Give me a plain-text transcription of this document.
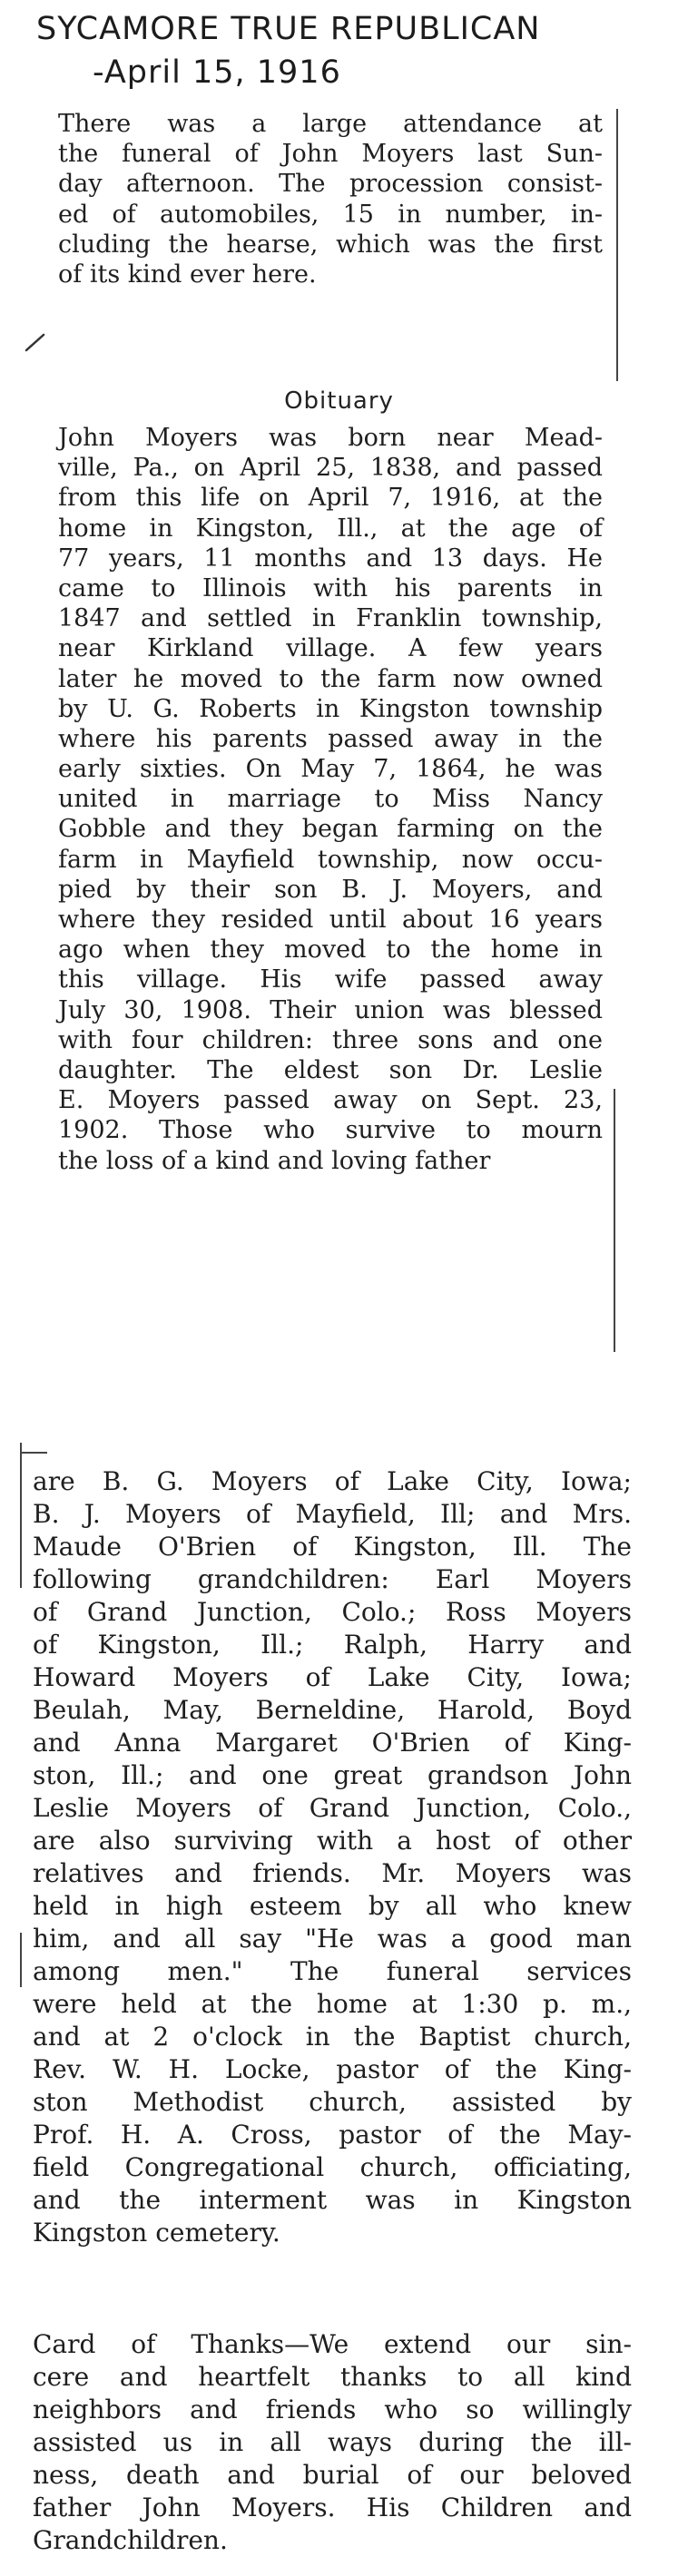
SYCAMORE TRUE REPUBLICAN
-April 15, 1916
There was a large attendance at
the funeral of John Moyers last Sun-
day afternoon. The procession consist-
ed of automobiles, 15 in number, in-
cluding the hearse, which was the first
of its kind ever here.
Obituary
John Moyers was born near Mead-
ville, Pa., on April 25, 1838, and passed
from this life on April 7, 1916, at the
home in Kingston, Ill., at the age of
77 years, 11 months and 13 days. He
came to Illinois with his parents in
1847 and settled in Franklin township,
near Kirkland village. A few years
later he moved to the farm now owned
by U. G. Roberts in Kingston township
where his parents passed away in the
early sixties. On May 7, 1864, he was
united in marriage to Miss Nancy
Gobble and they began farming on the
farm in Mayfield township, now occu-
pied by their son B. J. Moyers, and
where they resided until about 16 years
ago when they moved to the home in
this village. His wife passed away
July 30, 1908. Their union was blessed
with four children: three sons and one
daughter. The eldest son Dr. Leslie
E. Moyers passed away on Sept. 23,
1902. Those who survive to mourn
the loss of a kind and loving father
are B. G. Moyers of Lake City, Iowa;
B. J. Moyers of Mayfield, Ill; and Mrs.
Maude O'Brien of Kingston, Ill. The
following grandchildren: Earl Moyers
of Grand Junction, Colo.; Ross Moyers
of Kingston, Ill.; Ralph, Harry and
Howard Moyers of Lake City, Iowa;
Beulah, May, Berneldine, Harold, Boyd
and Anna Margaret O'Brien of King-
ston, Ill.; and one great grandson John
Leslie Moyers of Grand Junction, Colo.,
are also surviving with a host of other
relatives and friends. Mr. Moyers was
held in high esteem by all who knew
him, and all say "He was a good man
among men." The funeral services
were held at the home at 1:30 p. m.,
and at 2 o'clock in the Baptist church,
Rev. W. H. Locke, pastor of the King-
ston Methodist church, assisted by
Prof. H. A. Cross, pastor of the May-
field Congregational church, officiating,
and the interment was in Kingston
Kingston cemetery.
Card of Thanks—We extend our sin-
cere and heartfelt thanks to all kind
neighbors and friends who so willingly
assisted us in all ways during the ill-
ness, death and burial of our beloved
father John Moyers. His Children and
Grandchildren.
